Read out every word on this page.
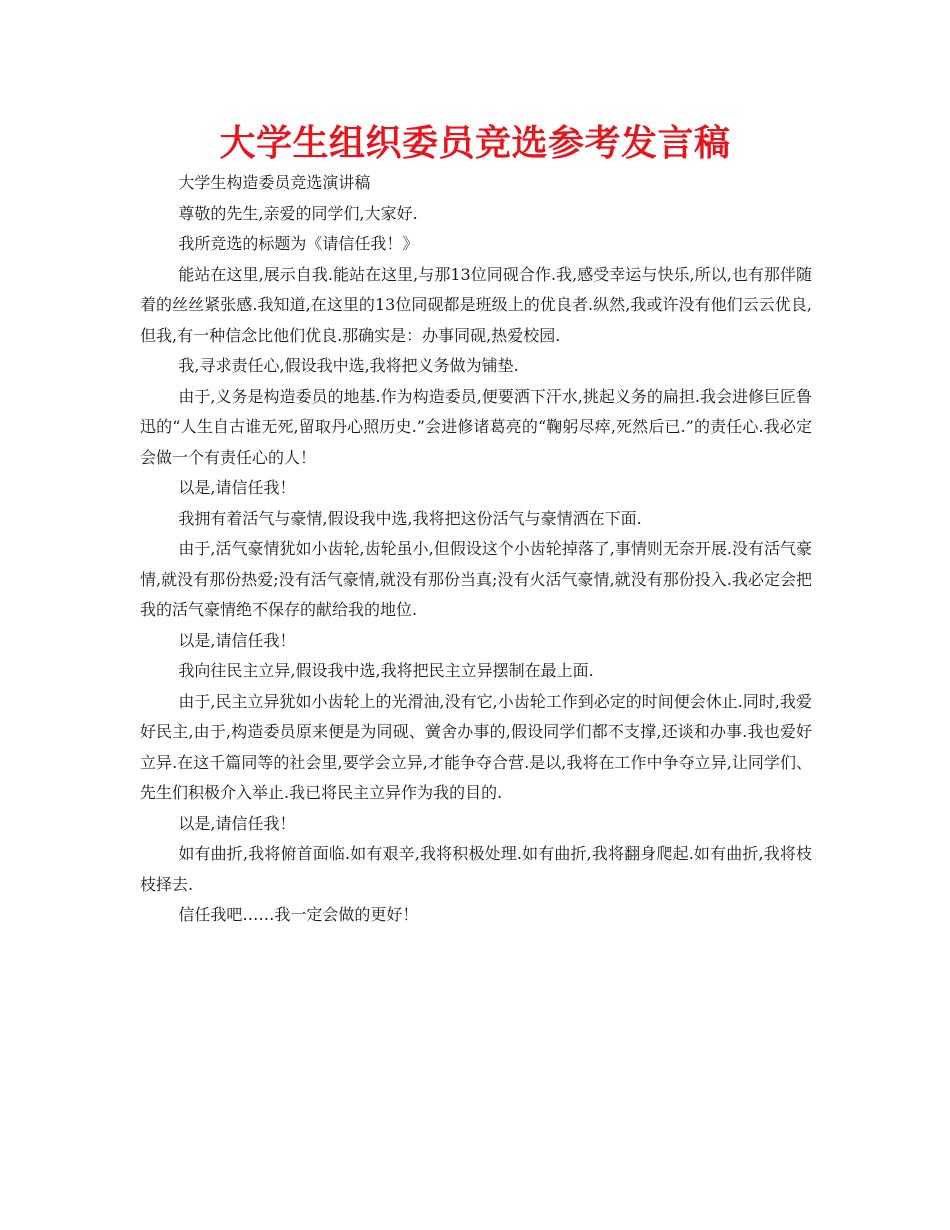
大学生组织委员竞选参考发言稿

大学生构造委员竞选演讲稿

尊敬的先生,亲爱的同学们,大家好.

我所竞选的标题为《请信任我！》

能站在这里,展示自我.能站在这里,与那13位同砚合作.我,感受幸运与快乐,所以,也有那伴随着的丝丝紧张感.我知道,在这里的13位同砚都是班级上的优良者.纵然,我或许没有他们云云优良,但我,有一种信念比他们优良.那确实是：办事同砚,热爱校园.

我,寻求责任心,假设我中选,我将把义务做为铺垫.

由于,义务是构造委员的地基.作为构造委员,便要洒下汗水,挑起义务的扁担.我会进修巨匠鲁迅的“人生自古谁无死,留取丹心照历史.”会进修诸葛亮的“鞠躬尽瘁,死然后已.”的责任心.我必定会做一个有责任心的人！

以是,请信任我！

我拥有着活气与豪情,假设我中选,我将把这份活气与豪情洒在下面.

由于,活气豪情犹如小齿轮,齿轮虽小,但假设这个小齿轮掉落了,事情则无奈开展.没有活气豪情,就没有那份热爱;没有活气豪情,就没有那份当真;没有火活气豪情,就没有那份投入.我必定会把我的活气豪情绝不保存的献给我的地位.

以是,请信任我！

我向往民主立异,假设我中选,我将把民主立异摆制在最上面.

由于,民主立异犹如小齿轮上的光滑油,没有它,小齿轮工作到必定的时间便会休止.同时,我爱好民主,由于,构造委员原来便是为同砚、黉舍办事的,假设同学们都不支撑,还谈和办事.我也爱好立异.在这千篇同等的社会里,要学会立异,才能争夺合营.是以,我将在工作中争夺立异,让同学们、先生们积极介入举止.我已将民主立异作为我的目的.

以是,请信任我！

如有曲折,我将俯首面临.如有艰辛,我将积极处理.如有曲折,我将翻身爬起.如有曲折,我将枝枝择去.

信任我吧……我一定会做的更好！
